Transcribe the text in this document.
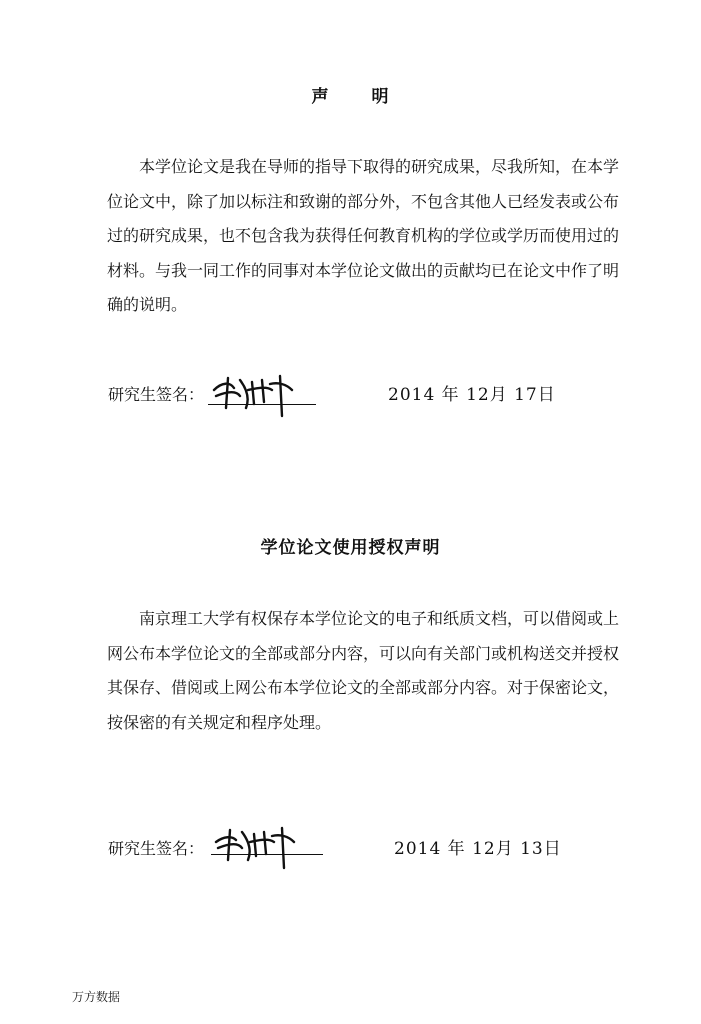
声 明

本学位论文是我在导师的指导下取得的研究成果，尽我所知，在本学位论文中，除了加以标注和致谢的部分外，不包含其他人已经发表或公布过的研究成果，也不包含我为获得任何教育机构的学位或学历而使用过的材料。与我一同工作的同事对本学位论文做出的贡献均已在论文中作了明确的说明。

研究生签名：	2014 年 12月 17日
学位论文使用授权声明

南京理工大学有权保存本学位论文的电子和纸质文档，可以借阅或上网公布本学位论文的全部或部分内容，可以向有关部门或机构送交并授权其保存、借阅或上网公布本学位论文的全部或部分内容。对于保密论文，按保密的有关规定和程序处理。

研究生签名：	2014 年 12月 13日
万方数据
